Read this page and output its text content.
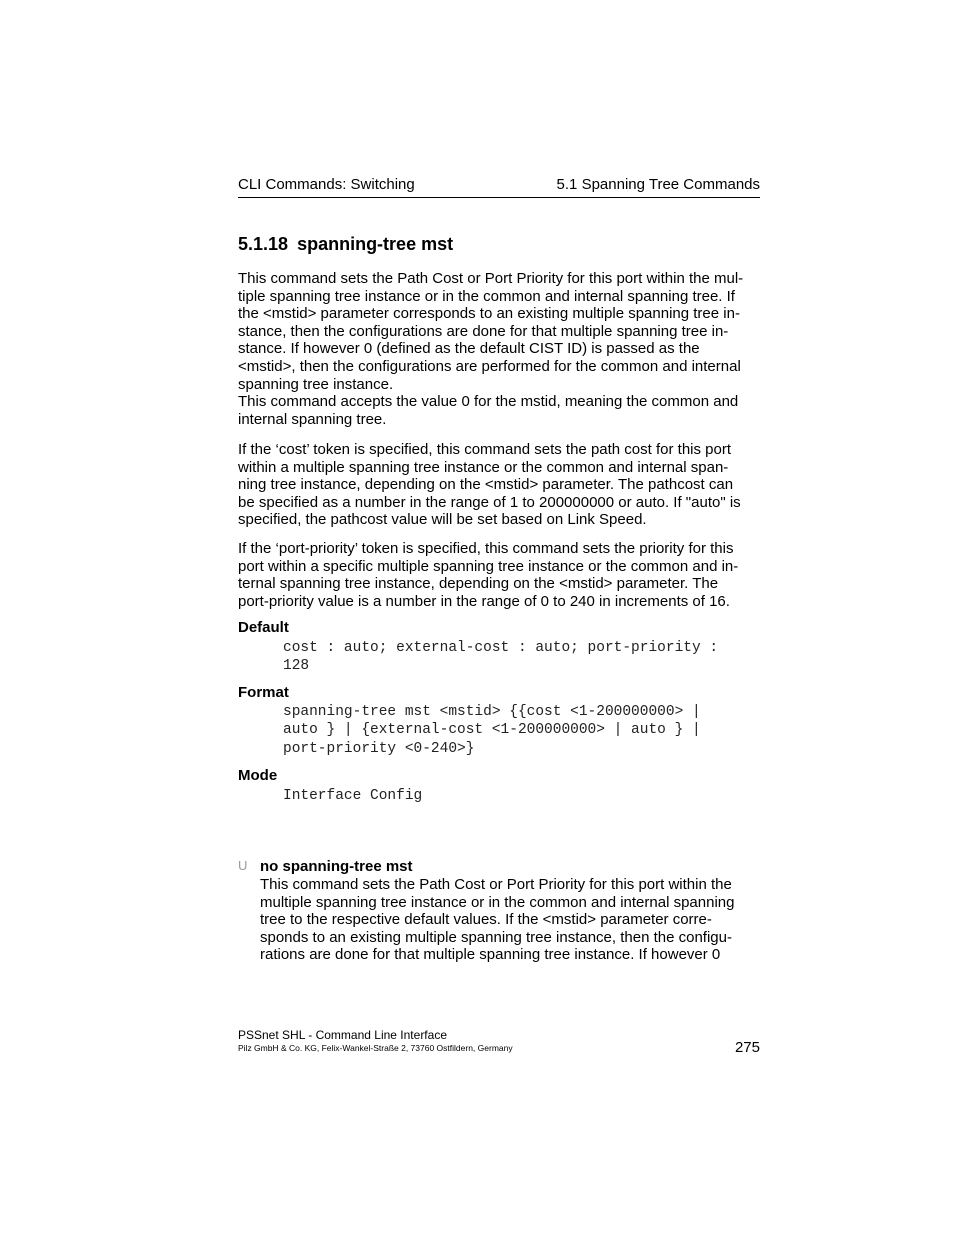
CLI Commands: Switching	5.1 Spanning Tree Commands
5.1.18 spanning-tree mst
This command sets the Path Cost or Port Priority for this port within the mul-
tiple spanning tree instance or in the common and internal spanning tree. If
the <mstid> parameter corresponds to an existing multiple spanning tree in-
stance, then the configurations are done for that multiple spanning tree in-
stance. If however 0 (defined as the default CIST ID) is passed as the
<mstid>, then the configurations are performed for the common and internal
spanning tree instance.
This command accepts the value 0 for the mstid, meaning the common and
internal spanning tree.
If the ‘cost’ token is specified, this command sets the path cost for this port
within a multiple spanning tree instance or the common and internal span-
ning tree instance, depending on the <mstid> parameter. The pathcost can
be specified as a number in the range of 1 to 200000000 or auto. If "auto" is
specified, the pathcost value will be set based on Link Speed.
If the ‘port-priority’ token is specified, this command sets the priority for this
port within a specific multiple spanning tree instance or the common and in-
ternal spanning tree instance, depending on the <mstid> parameter. The
port-priority value is a number in the range of 0 to 240 in increments of 16.
Default
cost : auto; external-cost : auto; port-priority :
128
Format
spanning-tree mst <mstid> {{cost <1-200000000> |
auto } | {external-cost <1-200000000> | auto } |
port-priority <0-240>}
Mode
Interface Config
U no spanning-tree mst
This command sets the Path Cost or Port Priority for this port within the
multiple spanning tree instance or in the common and internal spanning
tree to the respective default values. If the <mstid> parameter corre-
sponds to an existing multiple spanning tree instance, then the configu-
rations are done for that multiple spanning tree instance. If however 0
PSSnet SHL - Command Line Interface
Pilz GmbH & Co. KG, Felix-Wankel-Straße 2, 73760 Ostfildern, Germany	275
